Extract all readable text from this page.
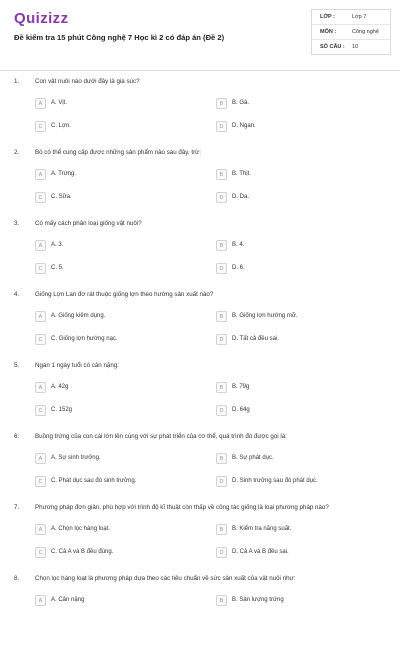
Quizizz
Đề kiểm tra 15 phút Công nghệ 7 Học kì 2 có đáp án (Đề 2)
LỚP :	Lớp 7
MÔN :	Công nghệ
SỐ CÂU :	10
1.	Con vật nuôi nào dưới đây là gia súc?
A	A. Vịt.	B	B. Gà.
C	C. Lợn.	D	D. Ngan.
2.	Bò có thể cung cấp được những sản phẩm nào sau đây, trừ:
A	A. Trứng.	B	B. Thịt.
C	C. Sữa.	D	D. Da.
3.	Có mấy cách phân loại giống vật nuôi?
A	A. 3.	B	B. 4.
C	C. 5.	D	D. 6.
4.	Giống Lợn Lan đơ rát thuộc giống lợn theo hướng sản xuất nào?
A	A. Giống kiêm dụng.	B	B. Giống lợn hướng mỡ.
C	C. Giống lợn hướng nạc.	D	D. Tất cả đều sai.
5.	Ngan 1 ngày tuổi có cân nặng:
A	A. 42g	B	B. 79g
C	C. 152g	D	D. 64g
6.	Buồng trứng của con cái lớn lên cùng với sự phát triển của cơ thể, quá trình đó được gọi là:
A	A. Sự sinh trưởng.	B	B. Sự phát dục.
C	C. Phát dục sau đó sinh trưởng.	D	D. Sinh trưởng sau đó phát dục.
7.	Phương pháp đơn giản, phù hợp với trình độ kĩ thuật còn thấp về công tác giống là loại phương pháp nào?
A	A. Chọn lọc hàng loạt.	B	B. Kiểm tra năng suất.
C	C. Cả A và B đều đúng.	D	D. Cả A và B đều sai.
8.	Chọn lọc hàng loạt là phương pháp dựa theo các tiêu chuẩn về sức sản xuất của vật nuôi như:
A	A. Cân nặng	B	B. Sản lượng trứng
